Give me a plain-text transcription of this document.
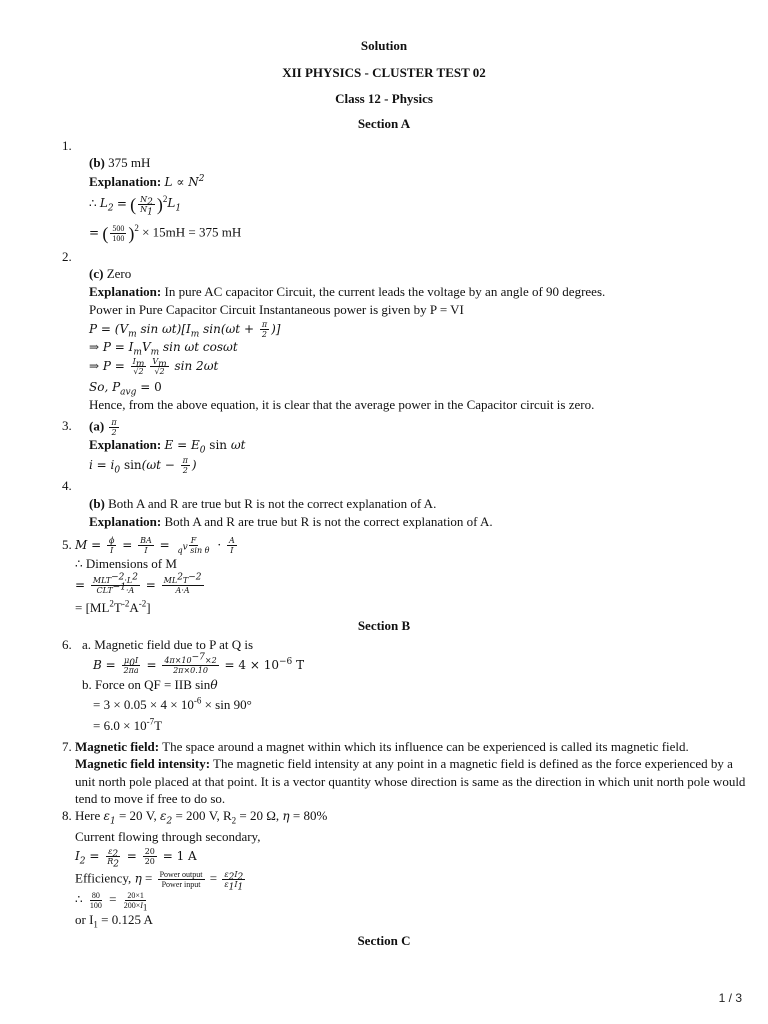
Solution
XII PHYSICS - CLUSTER TEST 02
Class 12 - Physics
Section A
1.
(b) 375 mH
Explanation: $L \propto N^2$
∴ $L_2$ = ( $\frac{N_2}{N_1} )^2L_1$
= ( $\frac{500}{100} )^2 \times 15mH = 375$ mH
2.
(c) Zero
Explanation: In pure AC capacitor Circuit, the current leads the voltage by an angle of 90 degrees.
Power in Pure Capacitor Circuit Instantaneous power is given by P = VI
$P = (V_m$ $\sin \omega t)[I_m$ $\sin(\omega t + \frac{\pi}{2}$ )]
⇒ $P = I_mV_m$ sin ωt cosωt
⇒ $P = \frac{I_m}{√2} \frac{V_m}{√2}$ sin 2ωt
So, $P_{avg} = 0$
Hence, from the above equation, it is clear that the average power in the Capacitor circuit is zero.
3. $(a) \frac{\pi}{2}$
Explanation: $E = E_0$ sin ωt
$i = i_0$ $\sin(\omega t - \frac{\pi}{2}$ )
4.
(b) Both A and R are true but R is not the correct explanation of A.
Explanation: Both A and R are true but R is not the correct explanation of A.
5. $M = \frac{\phi}{I} = \frac{BA}{I} = \frac{F}{q^v \sin \theta} \cdot \frac{A}{I}$
∴ Dimensions of M
= $\frac{MLT^{-2}\cdot L^2}{CLT^{-1}\cdot A} = \frac{ML^2T^{-2}}{A\cdot A}$
= $[ML^2T^{-2}A^{-2}]$
Section B
6. a. Magnetic field due to P at Q is
$B = \frac{\mu_0I}{2\pi a} = \frac{4\pi\times 10^{-7}\times 2}{2\pi\times 0.10} = 4 \times 10^{-6}$ T
b. Force on QF = IIB sinθ
= $3 \times 0.05 \times 4 \times 10^{-6} \times \sin 90^\circ$
= $6.0 \times 10^{-7}T$
7. Magnetic field: The space around a magnet within which its influence can be experienced is called its magnetic field.
Magnetic field intensity: The magnetic field intensity at any point in a magnetic field is defined as the force experienced by a
unit north pole placed at that point. It is a vector quantity whose direction is same as the direction in which unit north pole would
tend to move if free to do so.
8. Here $\varepsilon_1 = 20$ V, $\varepsilon_2 = 200$ V, $R_2 = 20$ Ω, η = 80%
Current flowing through secondary,
$I_2 = \frac{\varepsilon_2}{R_2} = \frac{20}{20} = 1$ A
Efficiency, $\eta = \frac{\text{Power output}}{\text{Power input}} = \frac{\varepsilon_2I_2}{\varepsilon_1I_1}$
∴ $\frac{80}{100} = \frac{20\times 1}{200\times I_1}$
or $I_1 = 0.125$ A
Section C
1 / 3
